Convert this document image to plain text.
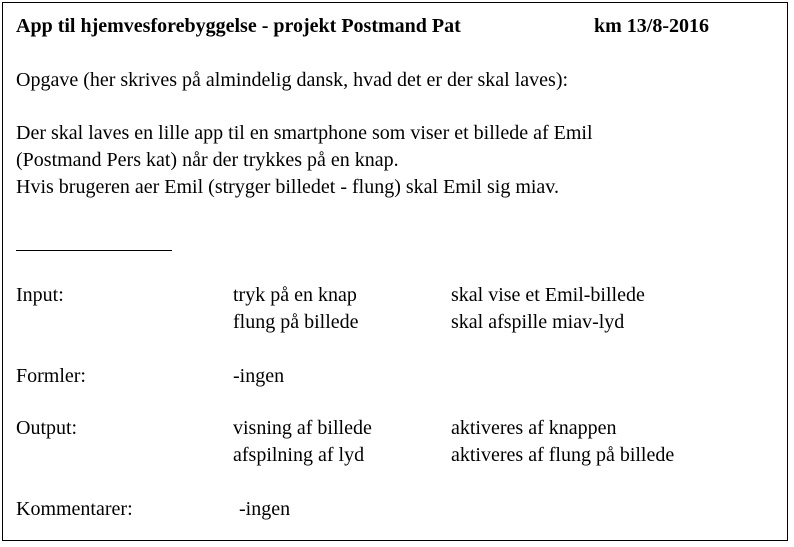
App til hjemvesforebyggelse - projekt Postmand Pat	km 13/8-2016
Opgave (her skrives på almindelig dansk, hvad det er der skal laves):
Der skal laves en lille app til en smartphone som viser et billede af Emil
(Postmand Pers kat) når der trykkes på en knap.
Hvis brugeren aer Emil (stryger billedet - flung) skal Emil sig miav.
Input:	tryk på en knap	skal vise et Emil-billede
flung på billede	skal afspille miav-lyd
Formler:	-ingen
Output:	visning af billede	aktiveres af knappen
afspilning af lyd	aktiveres af flung på billede
Kommentarer:	-ingen
